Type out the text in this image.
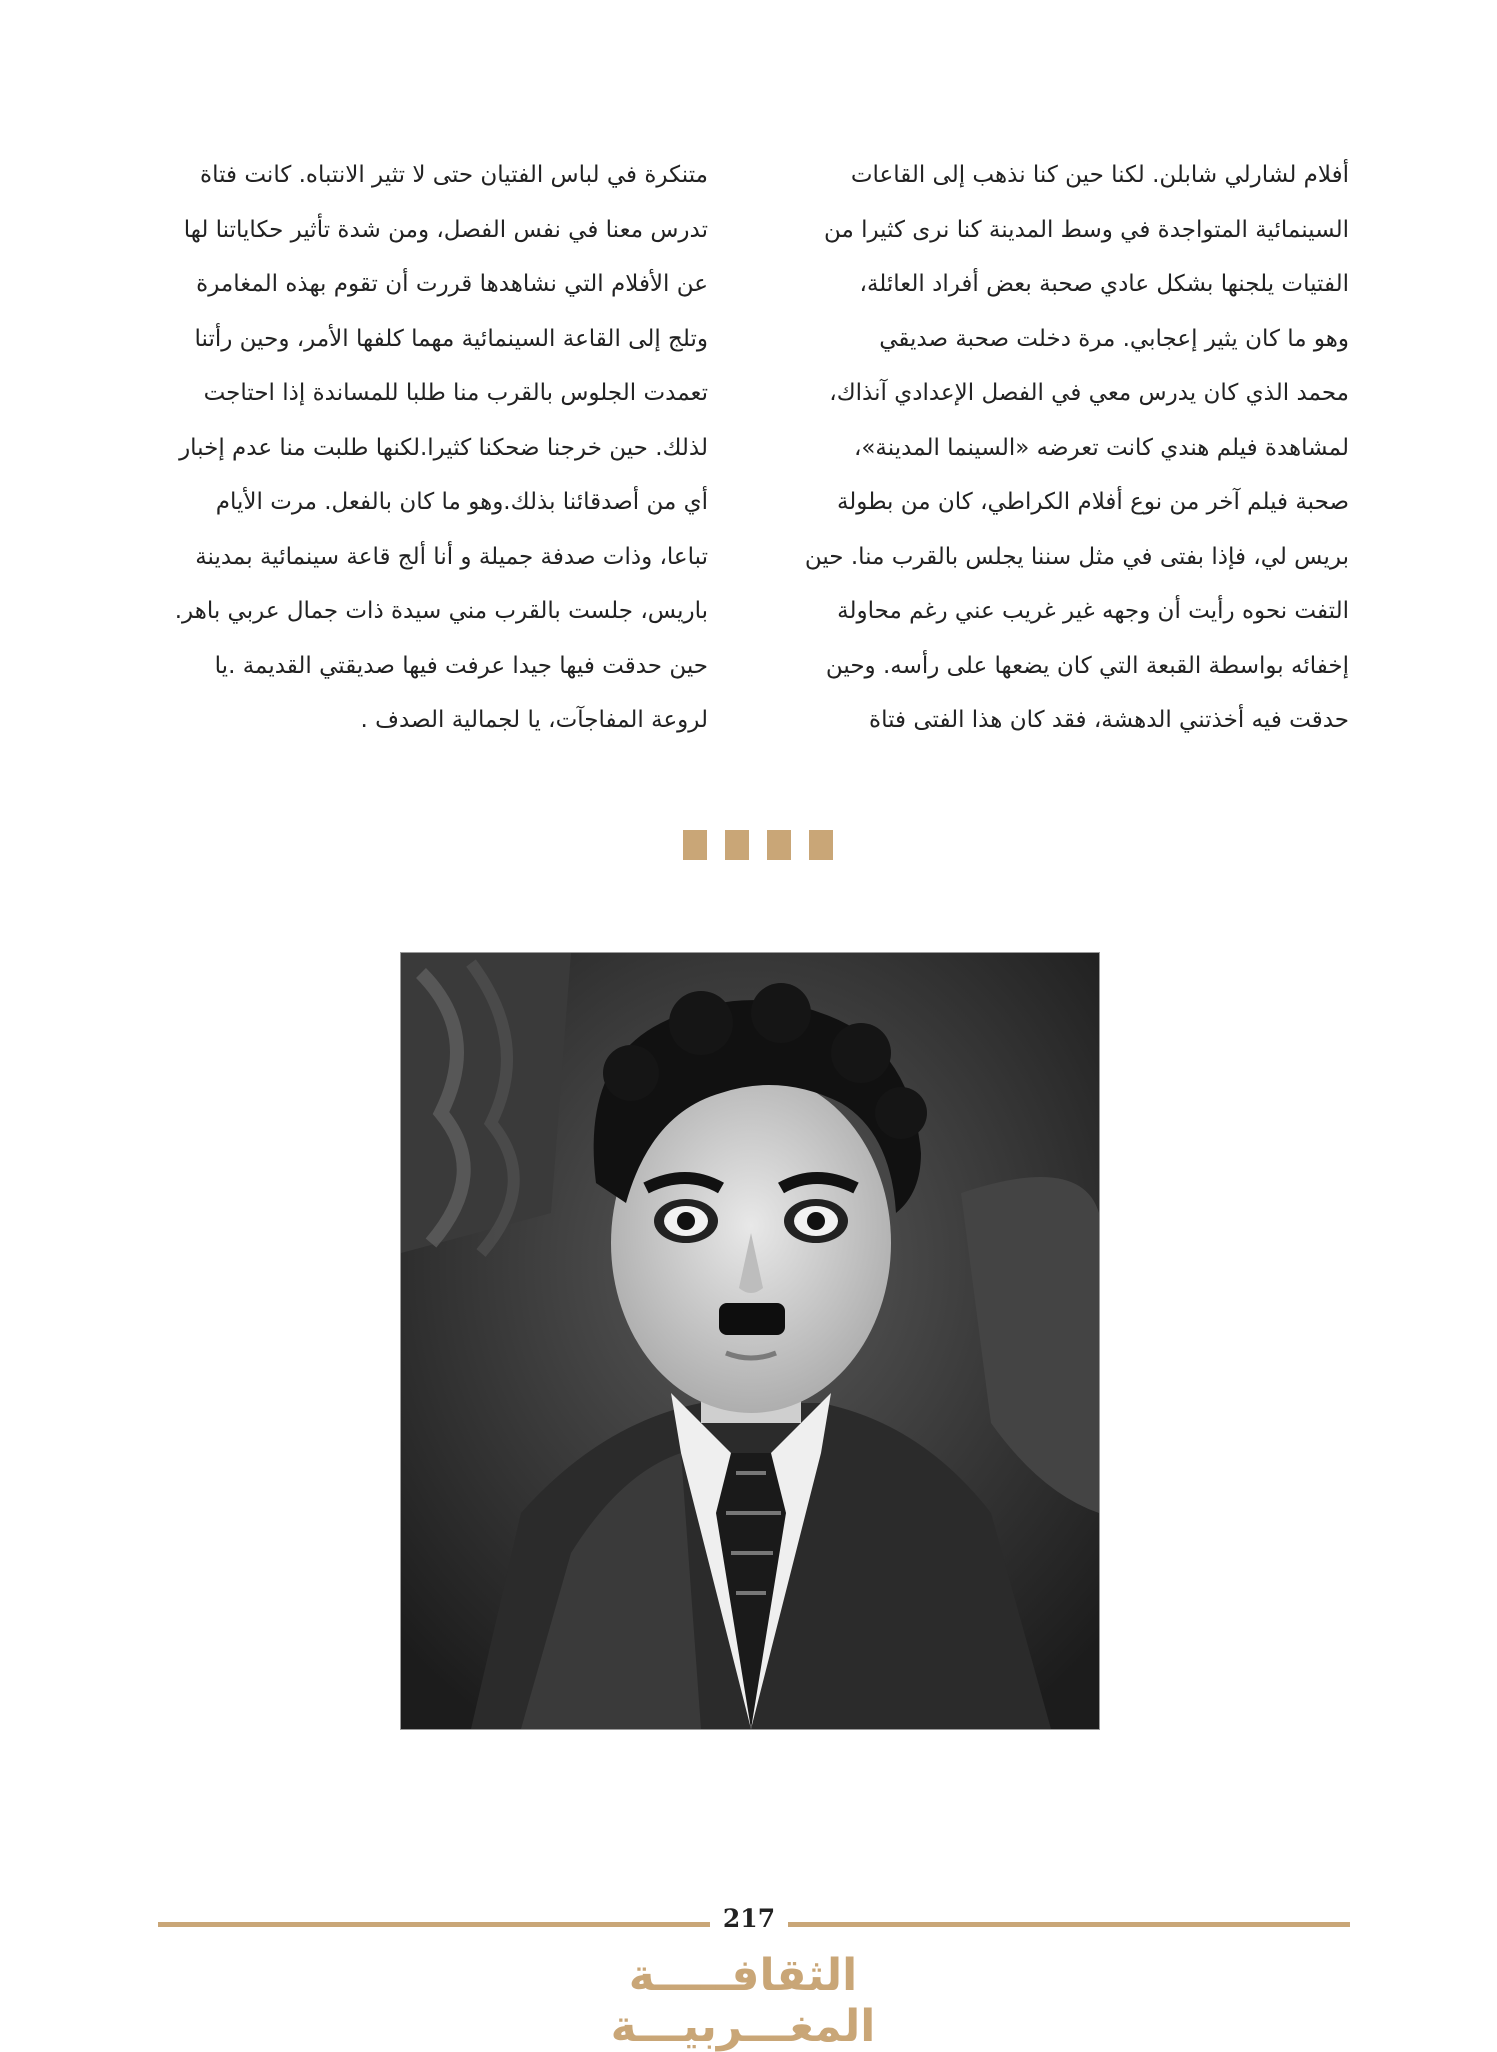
أفلام لشارلي شابلن. لكنا حين كنا نذهب إلى القاعات
السينمائية المتواجدة في وسط المدينة كنا نرى كثيرا من
الفتيات يلجنها بشكل عادي صحبة بعض أفراد العائلة،
وهو ما كان يثير إعجابي. مرة دخلت صحبة صديقي
محمد الذي كان يدرس معي في الفصل الإعدادي آنذاك،
لمشاهدة فيلم هندي كانت تعرضه «السينما المدينة»،
صحبة فيلم آخر من نوع أفلام الكراطي، كان من بطولة
بريس لي، فإذا بفتى في مثل سننا يجلس بالقرب منا. حين
التفت نحوه رأيت أن وجهه غير غريب عني رغم محاولة
إخفائه بواسطة القبعة التي كان يضعها على رأسه. وحين
حدقت فيه أخذتني الدهشة، فقد كان هذا الفتى فتاة
متنكرة في لباس الفتيان حتى لا تثير الانتباه. كانت فتاة
تدرس معنا في نفس الفصل، ومن شدة تأثير حكاياتنا لها
عن الأفلام التي نشاهدها قررت أن تقوم بهذه المغامرة
وتلج إلى القاعة السينمائية مهما كلفها الأمر، وحين رأتنا
تعمدت الجلوس بالقرب منا طلبا للمساندة إذا احتاجت
لذلك. حين خرجنا ضحكنا كثيرا.لكنها طلبت منا عدم إخبار
أي من أصدقائنا بذلك.وهو ما كان بالفعل. مرت الأيام
تباعا، وذات صدفة جميلة و أنا ألج قاعة سينمائية بمدينة
باريس، جلست بالقرب مني سيدة ذات جمال عربي باهر.
حين حدقت فيها جيدا عرفت فيها صديقتي القديمة .يا
لروعة المفاجآت، يا لجمالية الصدف .
217
الثقافـــــة المغـــربيـــة
